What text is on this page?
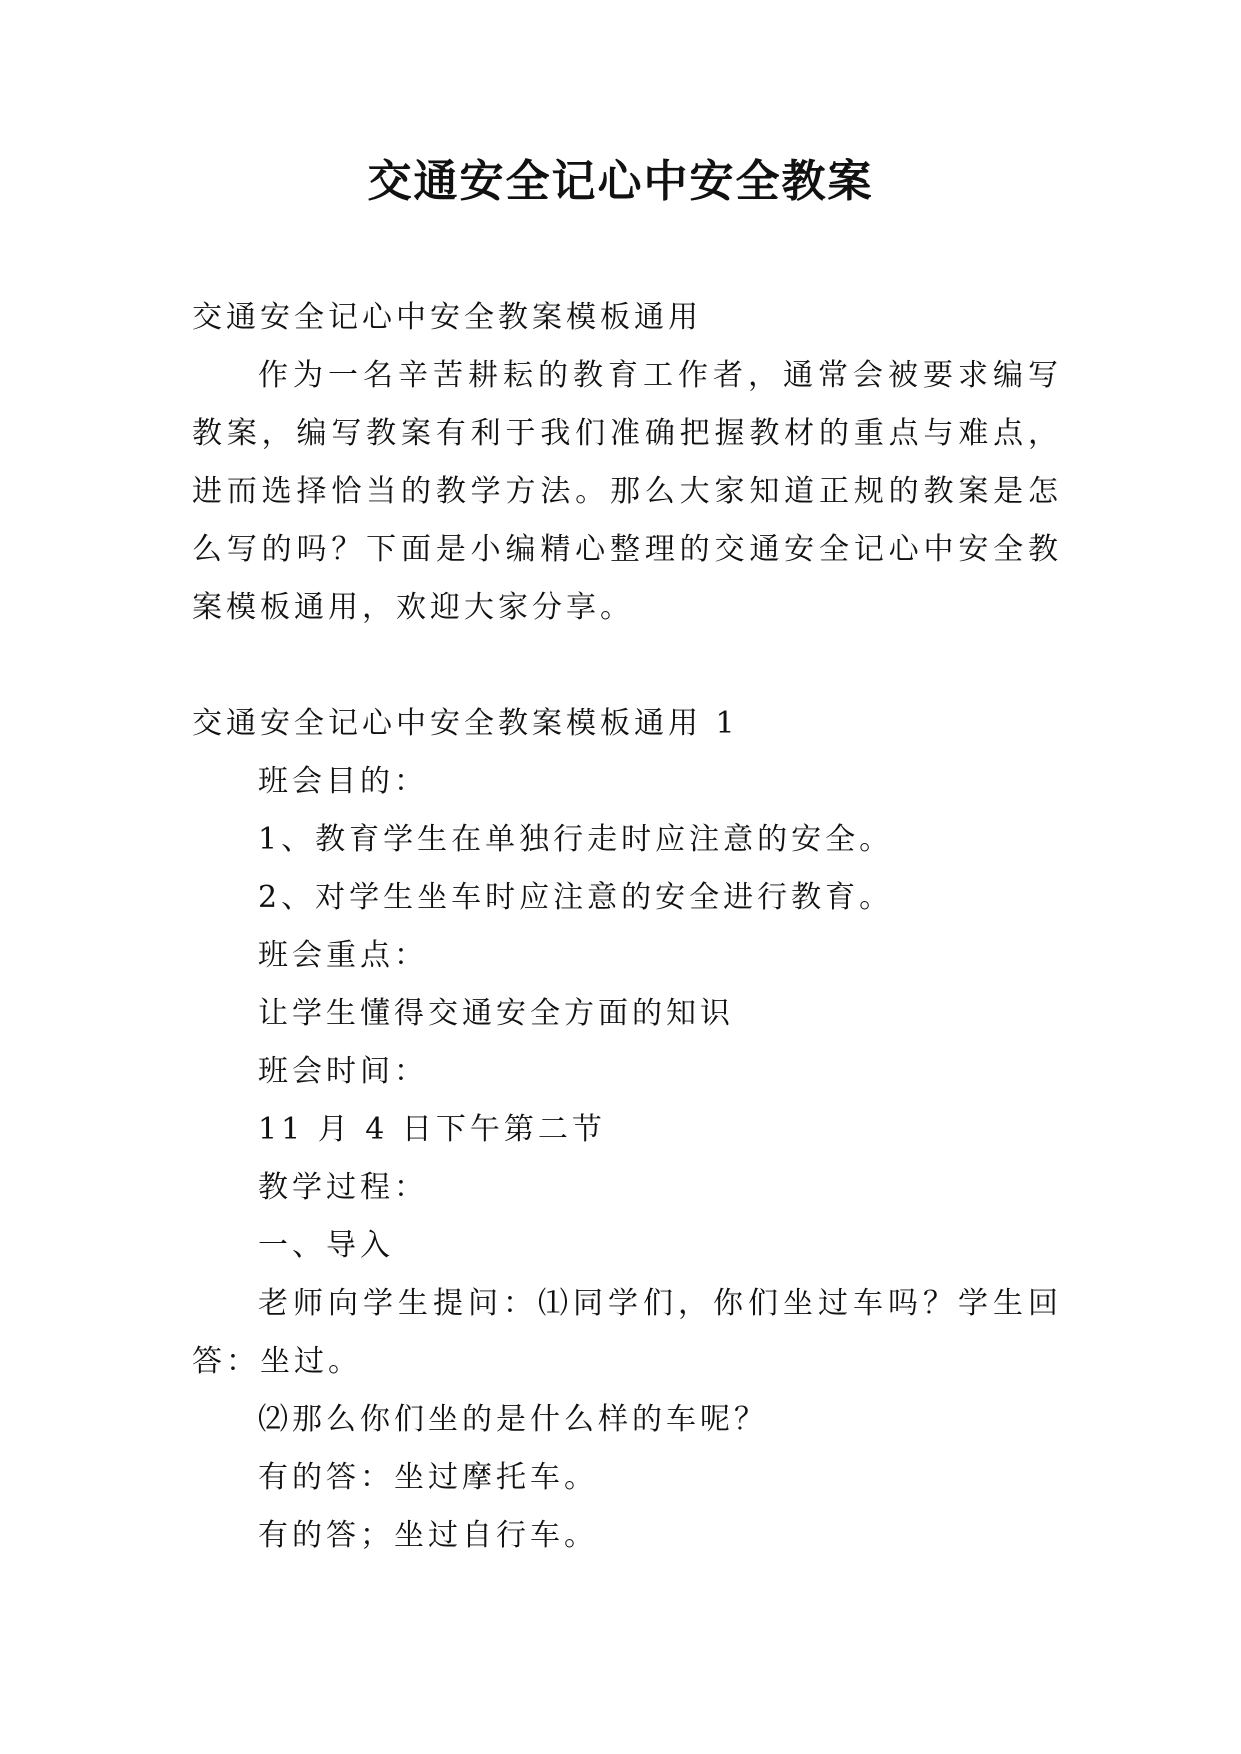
交通安全记心中安全教案

交通安全记心中安全教案模板通用

作为一名辛苦耕耘的教育工作者，通常会被要求编写教案，编写教案有利于我们准确把握教材的重点与难点，进而选择恰当的教学方法。那么大家知道正规的教案是怎么写的吗？下面是小编精心整理的交通安全记心中安全教案模板通用，欢迎大家分享。

交通安全记心中安全教案模板通用 1

班会目的：

1、教育学生在单独行走时应注意的安全。

2、对学生坐车时应注意的安全进行教育。

班会重点：

让学生懂得交通安全方面的知识

班会时间：

11 月 4 日下午第二节

教学过程：

一、导入

老师向学生提问：⑴同学们，你们坐过车吗？学生回答：坐过。

⑵那么你们坐的是什么样的车呢？

有的答：坐过摩托车。

有的答；坐过自行车。
